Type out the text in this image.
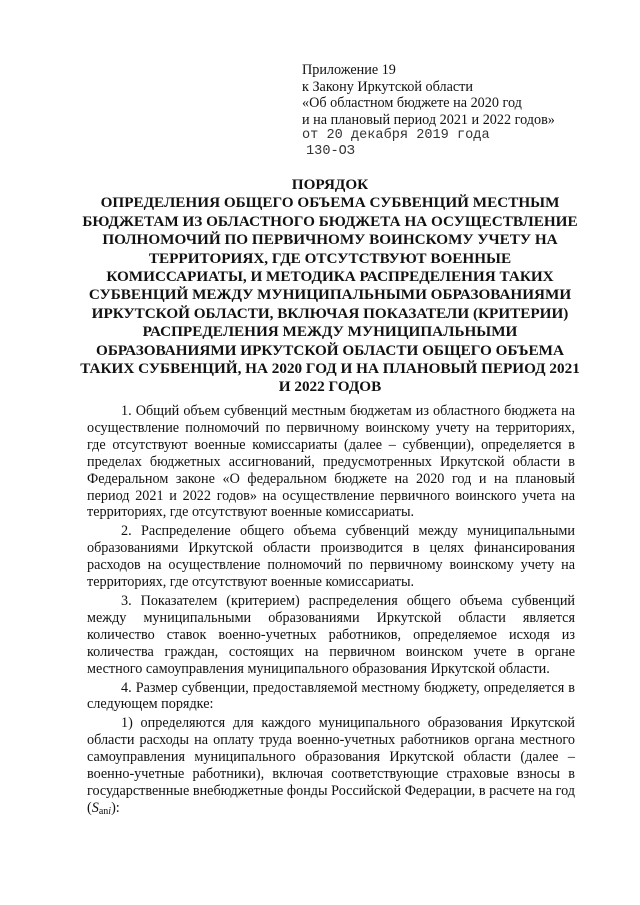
Приложение 19
к Закону Иркутской области
«Об областном бюджете на 2020 год
и на плановый период 2021 и 2022 годов»
от 20 декабря 2019 года
130-ОЗ
ПОРЯДОК
ОПРЕДЕЛЕНИЯ ОБЩЕГО ОБЪЕМА СУБВЕНЦИЙ МЕСТНЫМ
БЮДЖЕТАМ ИЗ ОБЛАСТНОГО БЮДЖЕТА НА ОСУЩЕСТВЛЕНИЕ
ПОЛНОМОЧИЙ ПО ПЕРВИЧНОМУ ВОИНСКОМУ УЧЕТУ НА
ТЕРРИТОРИЯХ, ГДЕ ОТСУТСТВУЮТ ВОЕННЫЕ
КОМИССАРИАТЫ, И МЕТОДИКА РАСПРЕДЕЛЕНИЯ ТАКИХ
СУБВЕНЦИЙ МЕЖДУ МУНИЦИПАЛЬНЫМИ ОБРАЗОВАНИЯМИ
ИРКУТСКОЙ ОБЛАСТИ, ВКЛЮЧАЯ ПОКАЗАТЕЛИ (КРИТЕРИИ)
РАСПРЕДЕЛЕНИЯ МЕЖДУ МУНИЦИПАЛЬНЫМИ
ОБРАЗОВАНИЯМИ ИРКУТСКОЙ ОБЛАСТИ ОБЩЕГО ОБЪЕМА
ТАКИХ СУБВЕНЦИЙ, НА 2020 ГОД И НА ПЛАНОВЫЙ ПЕРИОД 2021
И 2022 ГОДОВ

1. Общий объем субвенций местным бюджетам из областного бюджета на осуществление полномочий по первичному воинскому учету на территориях, где отсутствуют военные комиссариаты (далее – субвенции), определяется в пределах бюджетных ассигнований, предусмотренных Иркутской области в Федеральном законе «О федеральном бюджете на 2020 год и на плановый период 2021 и 2022 годов» на осуществление первичного воинского учета на территориях, где отсутствуют военные комиссариаты.

2. Распределение общего объема субвенций между муниципальными образованиями Иркутской области производится в целях финансирования расходов на осуществление полномочий по первичному воинскому учету на территориях, где отсутствуют военные комиссариаты.

3. Показателем (критерием) распределения общего объема субвенций между муниципальными образованиями Иркутской области является количество ставок военно-учетных работников, определяемое исходя из количества граждан, состоящих на первичном воинском учете в органе местного самоуправления муниципального образования Иркутской области.

4. Размер субвенции, предоставляемой местному бюджету, определяется в следующем порядке:

1) определяются для каждого муниципального образования Иркутской области расходы на оплату труда военно-учетных работников органа местного самоуправления муниципального образования Иркутской области (далее – военно-учетные работники), включая соответствующие страховые взносы в государственные внебюджетные фонды Российской Федерации, в расчете на год $(S_{ani})$:
